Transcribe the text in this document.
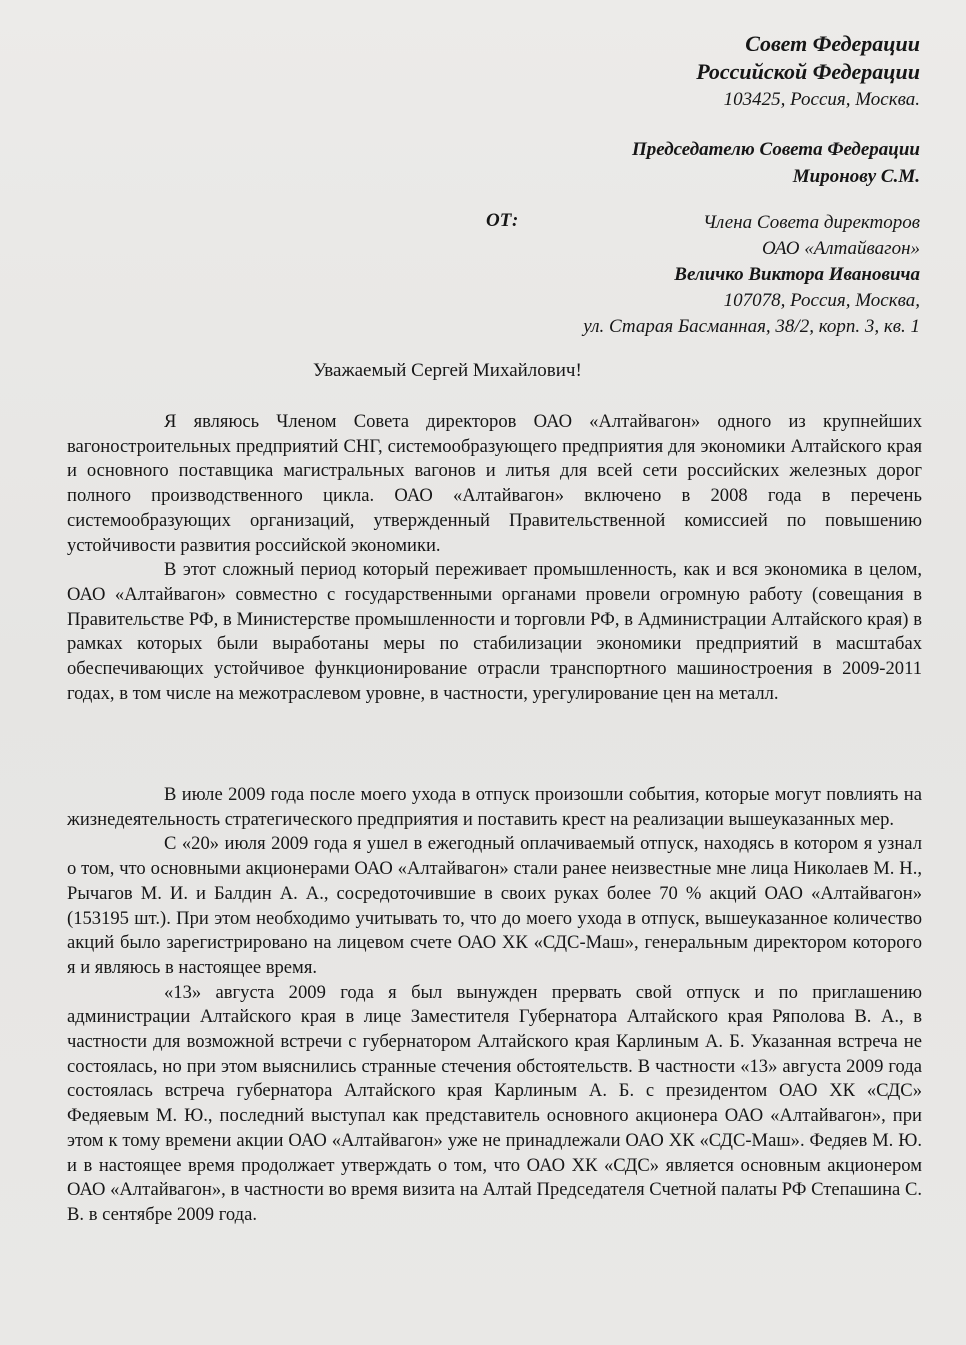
Совет Федерации
Российской Федерации
103425, Россия, Москва.
Председателю Совета Федерации
Миронову С.М.
ОТ:	Члена Совета директоров
ОАО «Алтайвагон»
Величко Виктора Ивановича
107078, Россия, Москва,
ул. Старая Басманная, 38/2, корп. 3, кв. 1
Уважаемый Сергей Михайлович!

Я являюсь Членом Совета директоров ОАО «Алтайвагон» одного из крупнейших вагоностроительных предприятий СНГ, системообразующего предприятия для экономики Алтайского края и основного поставщика магистральных вагонов и литья для всей сети российских железных дорог полного производственного цикла. ОАО «Алтайвагон» включено в 2008 года в перечень системообразующих организаций, утвержденный Правительственной комиссией по повышению устойчивости развития российской экономики.

В этот сложный период который переживает промышленность, как и вся экономика в целом, ОАО «Алтайвагон» совместно с государственными органами провели огромную работу (совещания в Правительстве РФ, в Министерстве промышленности и торговли РФ, в Администрации Алтайского края) в рамках которых были выработаны меры по стабилизации экономики предприятий в масштабах обеспечивающих устойчивое функционирование отрасли транспортного машиностроения в 2009-2011 годах, в том числе на межотраслевом уровне, в частности, урегулирование цен на металл.

В июле 2009 года после моего ухода в отпуск произошли события, которые могут повлиять на жизнедеятельность стратегического предприятия и поставить крест на реализации вышеуказанных мер.

С «20» июля 2009 года я ушел в ежегодный оплачиваемый отпуск, находясь в котором я узнал о том, что основными акционерами ОАО «Алтайвагон» стали ранее неизвестные мне лица Николаев М. Н., Рычагов М. И. и Балдин А. А., сосредоточившие в своих руках более 70 % акций ОАО «Алтайвагон» (153195 шт.). При этом необходимо учитывать то, что до моего ухода в отпуск, вышеуказанное количество акций было зарегистрировано на лицевом счете ОАО ХК «СДС-Маш», генеральным директором которого я и являюсь в настоящее время.

«13» августа 2009 года я был вынужден прервать свой отпуск и по приглашению администрации Алтайского края в лице Заместителя Губернатора Алтайского края Ряполова В. А., в частности для возможной встречи с губернатором Алтайского края Карлиным А. Б. Указанная встреча не состоялась, но при этом выяснились странные стечения обстоятельств. В частности «13» августа 2009 года состоялась встреча губернатора Алтайского края Карлиным А. Б. с президентом ОАО ХК «СДС» Федяевым М. Ю., последний выступал как представитель основного акционера ОАО «Алтайвагон», при этом к тому времени акции ОАО «Алтайвагон» уже не принадлежали ОАО ХК «СДС-Маш». Федяев М. Ю. и в настоящее время продолжает утверждать о том, что ОАО ХК «СДС» является основным акционером ОАО «Алтайвагон», в частности во время визита на Алтай Председателя Счетной палаты РФ Степашина С. В. в сентябре 2009 года.
